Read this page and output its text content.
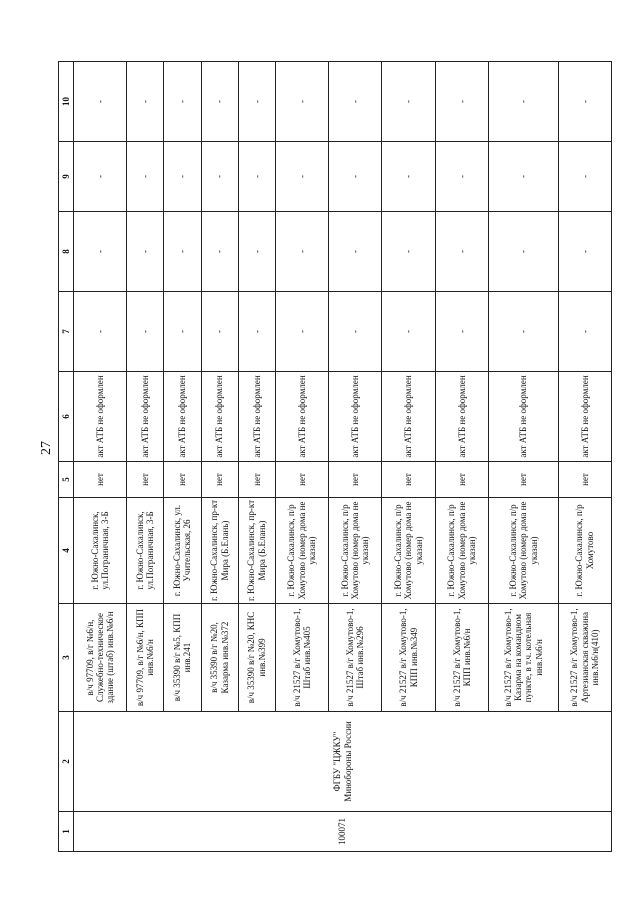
27
1	2	3	4	5	6	7	8	9	10
100071	ФГБУ "ЦЖКУ" Минобороны России	в/ч 97709, в/г №6/н, Служебно-техническое здание (штаб) инв.№6/н	г. Южно-Сахалинск, ул.Пограничная, 3-Б	нет	акт АТБ не оформлен	-	-	-	-
		в/ч 97709, в/г №6/н, КПП инв.№6/н	г. Южно-Сахалинск, ул.Пограничная, 3-Б	нет	акт АТБ не оформлен	-	-	-	-
		в/ч 35390 в/г №5, КПП инв.241	г. Южно-Сахалинск, ул. Учительская, 26	нет	акт АТБ не оформлен	-	-	-	-
		в/ч 35390 в/г №20, Казарма инв.№372	г. Южно-Сахалинск, пр-кт Мира (Б.Елань)	нет	акт АТБ не оформлен	-	-	-	-
		в/ч 35390 в/г №20, КНС инв.№399	г. Южно-Сахалинск, пр-кт Мира (Б.Елань)	нет	акт АТБ не оформлен	-	-	-	-
		в/ч 21527 в/г Хомутово-1, Штаб инв.№405	г. Южно-Сахалинск, п/р Хомутово (номер дома не указан)	нет	акт АТБ не оформлен	-	-	-	-
		в/ч 21527 в/г Хомутово-1, Штаб инв.№296	г. Южно-Сахалинск, п/р Хомутово (номер дома не указан)	нет	акт АТБ не оформлен	-	-	-	-
		в/ч 21527 в/г Хомутово-1, КПП инв.№349	г. Южно-Сахалинск, п/р Хомутово (номер дома не указан)	нет	акт АТБ не оформлен	-	-	-	-
		в/ч 21527 в/г Хомутово-1, КПП инв.№6/н	г. Южно-Сахалинск, п/р Хомутово (номер дома не указан)	нет	акт АТБ не оформлен	-	-	-	-
		в/ч 21527 в/г Хомутово-1, Казарма на командном пункте, в т.ч. котельная инв.№6/н	г. Южно-Сахалинск, п/р Хомутово (номер дома не указан)	нет	акт АТБ не оформлен	-	-	-	-
		в/ч 21527 в/г Хомутово-1, Артезианская скважина инв.№6/н(410)	г. Южно-Сахалинск, п/р Хомутово	нет	акт АТБ не оформлен	-	-	-	-
